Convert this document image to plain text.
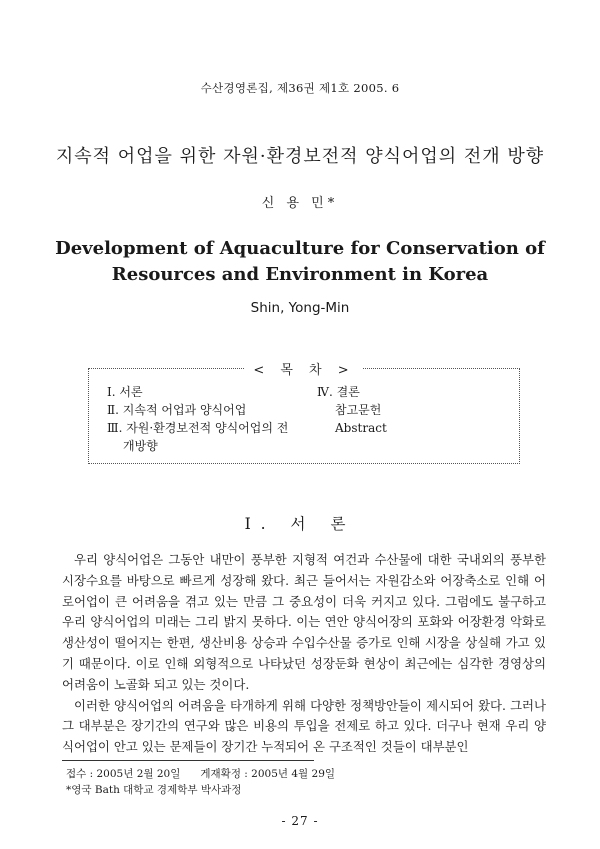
수산경영론집, 제36권 제1호 2005. 6
지속적 어업을 위한 자원·환경보전적 양식어업의 전개 방향
신 용 민*
Development of Aquaculture for Conservation of
Resources and Environment in Korea
Shin, Yong-Min
< 목 차 >
Ⅰ. 서론
Ⅱ. 지속적 어업과 양식어업
Ⅲ. 자원·환경보전적 양식어업의 전
개방향
Ⅳ. 결론
참고문헌
Abstract
Ⅰ. 서 론

우리 양식어업은 그동안 내만이 풍부한 지형적 여건과 수산물에 대한 국내외의 풍부한 시장수요를 바탕으로 빠르게 성장해 왔다. 최근 들어서는 자원감소와 어장축소로 인해 어로어업이 큰 어려움을 겪고 있는 만큼 그 중요성이 더욱 커지고 있다. 그럼에도 불구하고 우리 양식어업의 미래는 그리 밝지 못하다. 이는 연안 양식어장의 포화와 어장환경 악화로 생산성이 떨어지는 한편, 생산비용 상승과 수입수산물 증가로 인해 시장을 상실해 가고 있기 때문이다. 이로 인해 외형적으로 나타났던 성장둔화 현상이 최근에는 심각한 경영상의 어려움이 노골화 되고 있는 것이다.

이러한 양식어업의 어려움을 타개하게 위해 다양한 정책방안들이 제시되어 왔다. 그러나 그 대부분은 장기간의 연구와 많은 비용의 투입을 전제로 하고 있다. 더구나 현재 우리 양식어업이 안고 있는 문제들이 장기간 누적되어 온 구조적인 것들이 대부분인

접수 : 2005년 2월 20일      게재확정 : 2005년 4월 29일
*영국 Bath 대학교 경제학부 박사과정
- 27 -
